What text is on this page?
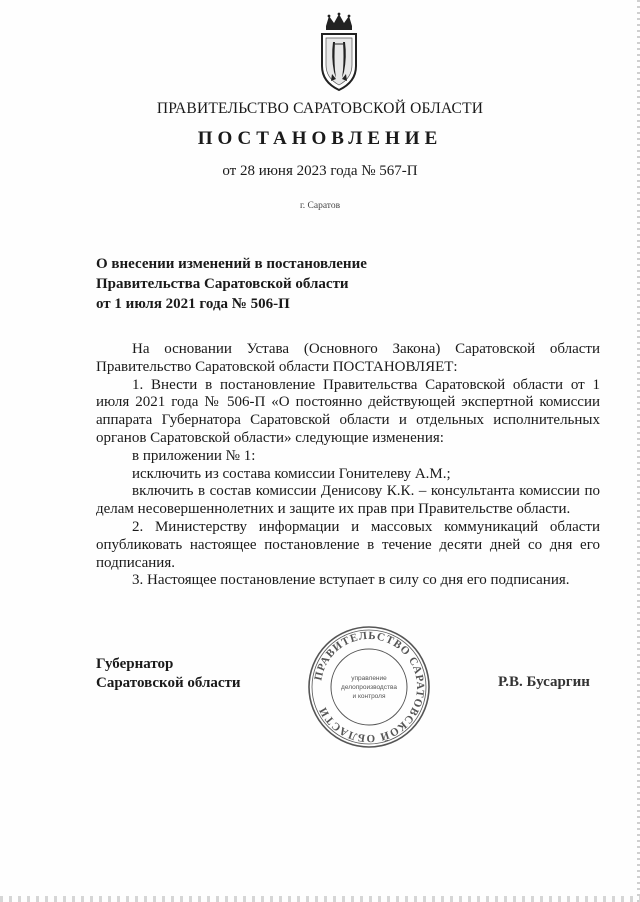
ПРАВИТЕЛЬСТВО САРАТОВСКОЙ ОБЛАСТИ
ПОСТАНОВЛЕНИЕ
от 28 июня 2023 года № 567-П
г. Саратов
О внесении изменений в постановление
Правительства Саратовской области
от 1 июля 2021 года № 506-П

На основании Устава (Основного Закона) Саратовской области Правительство Саратовской области ПОСТАНОВЛЯЕТ:

1. Внести в постановление Правительства Саратовской области от 1 июля 2021 года № 506-П «О постоянно действующей экспертной комиссии аппарата Губернатора Саратовской области и отдельных исполнительных органов Саратовской области» следующие изменения:

в приложении № 1:

исключить из состава комиссии Гонителеву А.М.;

включить в состав комиссии Денисову К.К. – консультанта комиссии по делам несовершеннолетних и защите их прав при Правительстве области.

2. Министерству информации и массовых коммуникаций области опубликовать настоящее постановление в течение десяти дней со дня его подписания.

3. Настоящее постановление вступает в силу со дня его подписания.

Губернатор
Саратовской области	ПРАВИТЕЛЬСТВО САРАТОВСКОЙ ОБЛАСТИ
управление
делопроизводства
и контроля
Р.В. Бусаргин
